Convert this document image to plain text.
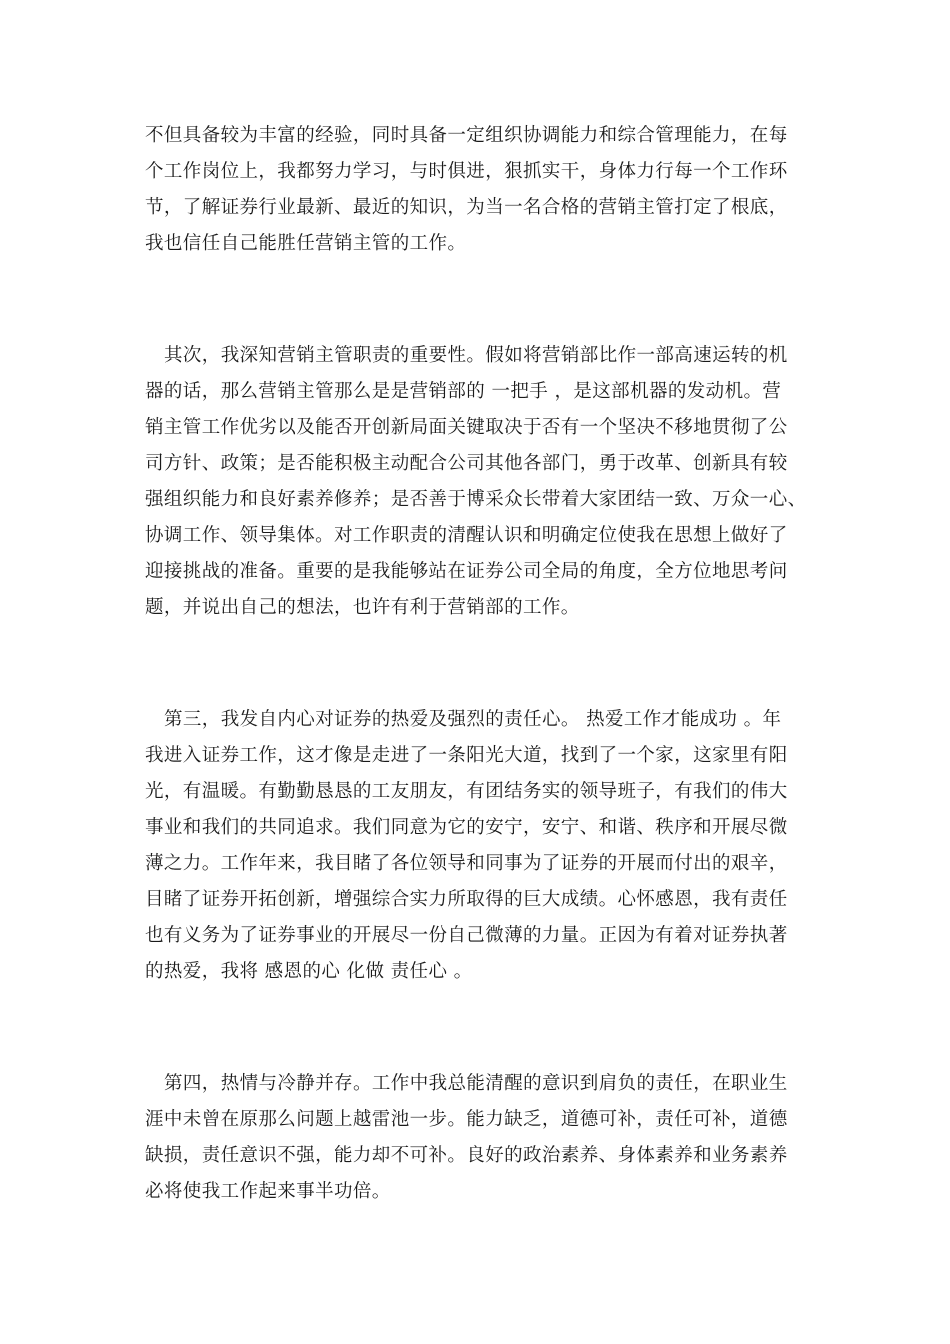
不但具备较为丰富的经验，同时具备一定组织协调能力和综合管理能力，在每
个工作岗位上，我都努力学习，与时俱进，狠抓实干，身体力行每一个工作环
节，了解证券行业最新、最近的知识，为当一名合格的营销主管打定了根底，
我也信任自己能胜任营销主管的工作。
其次，我深知营销主管职责的重要性。假如将营销部比作一部高速运转的机
器的话，那么营销主管那么是是营销部的 一把手 ，是这部机器的发动机。营
销主管工作优劣以及能否开创新局面关键取决于否有一个坚决不移地贯彻了公
司方针、政策；是否能积极主动配合公司其他各部门，勇于改革、创新具有较
强组织能力和良好素养修养；是否善于博采众长带着大家团结一致、万众一心、
协调工作、领导集体。对工作职责的清醒认识和明确定位使我在思想上做好了
迎接挑战的准备。重要的是我能够站在证券公司全局的角度，全方位地思考问
题，并说出自己的想法，也许有利于营销部的工作。
第三，我发自内心对证券的热爱及强烈的责任心。 热爱工作才能成功 。年
我进入证券工作，这才像是走进了一条阳光大道，找到了一个家，这家里有阳
光，有温暖。有勤勤恳恳的工友朋友，有团结务实的领导班子，有我们的伟大
事业和我们的共同追求。我们同意为它的安宁，安宁、和谐、秩序和开展尽微
薄之力。工作年来，我目睹了各位领导和同事为了证券的开展而付出的艰辛，
目睹了证券开拓创新，增强综合实力所取得的巨大成绩。心怀感恩，我有责任
也有义务为了证券事业的开展尽一份自己微薄的力量。正因为有着对证券执著
的热爱，我将 感恩的心 化做 责任心 。
第四，热情与冷静并存。工作中我总能清醒的意识到肩负的责任，在职业生
涯中未曾在原那么问题上越雷池一步。能力缺乏，道德可补，责任可补，道德
缺损，责任意识不强，能力却不可补。良好的政治素养、身体素养和业务素养
必将使我工作起来事半功倍。
